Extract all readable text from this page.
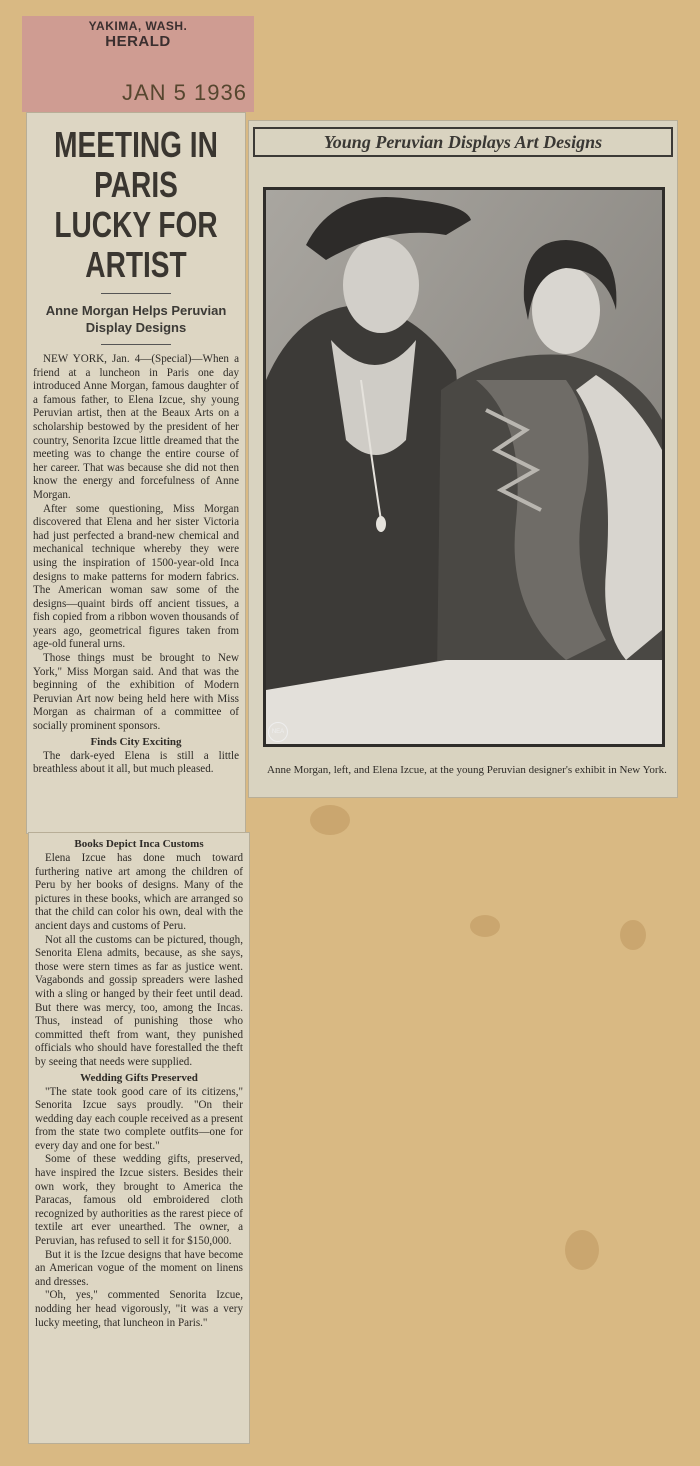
YAKIMA, WASH.
HERALD
JAN 5 1936
MEETING IN PARIS
LUCKY FOR ARTIST
Anne Morgan Helps Peruvian Display Designs

NEW YORK, Jan. 4—(Special)—When a friend at a luncheon in Paris one day introduced Anne Morgan, famous daughter of a famous father, to Elena Izcue, shy young Peruvian artist, then at the Beaux Arts on a scholarship bestowed by the president of her country, Senorita Izcue little dreamed that the meeting was to change the entire course of her career. That was because she did not then know the energy and forcefulness of Anne Morgan.

After some questioning, Miss Morgan discovered that Elena and her sister Victoria had just perfected a brand-new chemical and mechanical technique whereby they were using the inspiration of 1500-year-old Inca designs to make patterns for modern fabrics. The American woman saw some of the designs—quaint birds off ancient tissues, a fish copied from a ribbon woven thousands of years ago, geometrical figures taken from age-old funeral urns.

Those things must be brought to New York," Miss Morgan said. And that was the beginning of the exhibition of Modern Peruvian Art now being held here with Miss Morgan as chairman of a committee of socially prominent sponsors.

Finds City Exciting

The dark-eyed Elena is still a little breathless about it all, but much pleased.

Books Depict Inca Customs

Elena Izcue has done much toward furthering native art among the children of Peru by her books of designs. Many of the pictures in these books, which are arranged so that the child can color his own, deal with the ancient days and customs of Peru.

Not all the customs can be pictured, though, Senorita Elena admits, because, as she says, those were stern times as far as justice went. Vagabonds and gossip spreaders were lashed with a sling or hanged by their feet until dead. But there was mercy, too, among the Incas. Thus, instead of punishing those who committed theft from want, they punished officials who should have forestalled the theft by seeing that needs were supplied.

Wedding Gifts Preserved

"The state took good care of its citizens," Senorita Izcue says proudly. "On their wedding day each couple received as a present from the state two complete outfits—one for every day and one for best."

Some of these wedding gifts, preserved, have inspired the Izcue sisters. Besides their own work, they brought to America the Paracas, famous old embroidered cloth recognized by authorities as the rarest piece of textile art ever unearthed. The owner, a Peruvian, has refused to sell it for $150,000.

But it is the Izcue designs that have become an American vogue of the moment on linens and dresses.

"Oh, yes," commented Senorita Izcue, nodding her head vigorously, "it was a very lucky meeting, that luncheon in Paris."

Young Peruvian Displays Art Designs
NEA
Anne Morgan, left, and Elena Izcue, at the young Peruvian designer's exhibit in New York.
